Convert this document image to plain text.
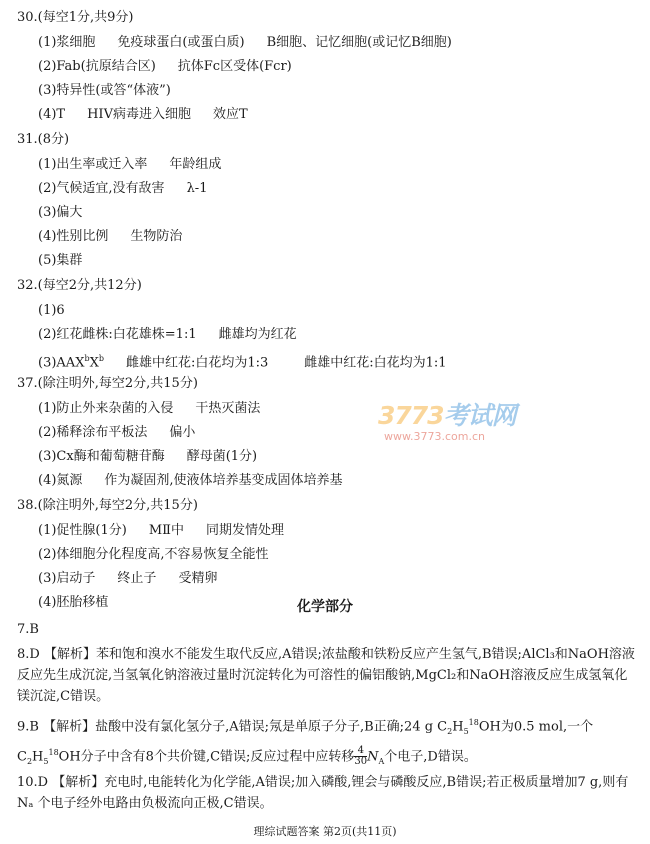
30.(每空1分,共9分)
(1)浆细胞 免疫球蛋白(或蛋白质) B细胞、记忆细胞(或记忆B细胞)
(2)Fab(抗原结合区) 抗体Fc区受体(Fcr)
(3)特异性(或答“体液”)
(4)T HIV病毒进入细胞 效应T
31.(8分)
(1)出生率或迁入率 年龄组成
(2)气候适宜,没有敌害 λ-1
(3)偏大
(4)性别比例 生物防治
(5)集群
32.(每空2分,共12分)
(1)6
(2)红花雌株:白花雄株=1:1 雌雄均为红花
$(3)AAX^bX^b$ 雌雄中红花:白花均为1:3	雌雄中红花:白花均为1:1
37.(除注明外,每空2分,共15分)
(1)防止外来杂菌的入侵 干热灭菌法
(2)稀释涂布平板法 偏小
(3)Cx酶和葡萄糖苷酶 酵母菌(1分)
(4)氮源 作为凝固剂,使液体培养基变成固体培养基
3773考试网
www.3773.com.cn
38.(除注明外,每空2分,共15分)
(1)促性腺(1分) MⅡ中 同期发情处理
(2)体细胞分化程度高,不容易恢复全能性
(3)启动子 终止子 受精卵
(4)胚胎移植	化学部分
7.B
8.D 【解析】苯和饱和溴水不能发生取代反应,A错误;浓盐酸和铁粉反应产生氢气,B错误;AlCl₃和NaOH溶液反应先生成沉淀,当氢氧化钠溶液过量时沉淀转化为可溶性的偏铝酸钠,MgCl₂和NaOH溶液反应生成氢氧化镁沉淀,C错误。
9.B 【解析】盐酸中没有氯化氢分子,A错误;氖是单原子分子,B正确;24 g $C_2H_5^{18}OH$为0.5 mol,一个
$C_2H_5^{18}OH$分子中含有8个共价键,C错误;反应过程中应转移 $\frac{4}{30} N_A$个电子,D错误。
10.D 【解析】充电时,电能转化为化学能,A错误;加入磷酸,锂会与磷酸反应,B错误;若正极质量增加7 g,则有 Nₐ 个电子经外电路由负极流向正极,C错误。
理综试题答案 第2页(共11页)
